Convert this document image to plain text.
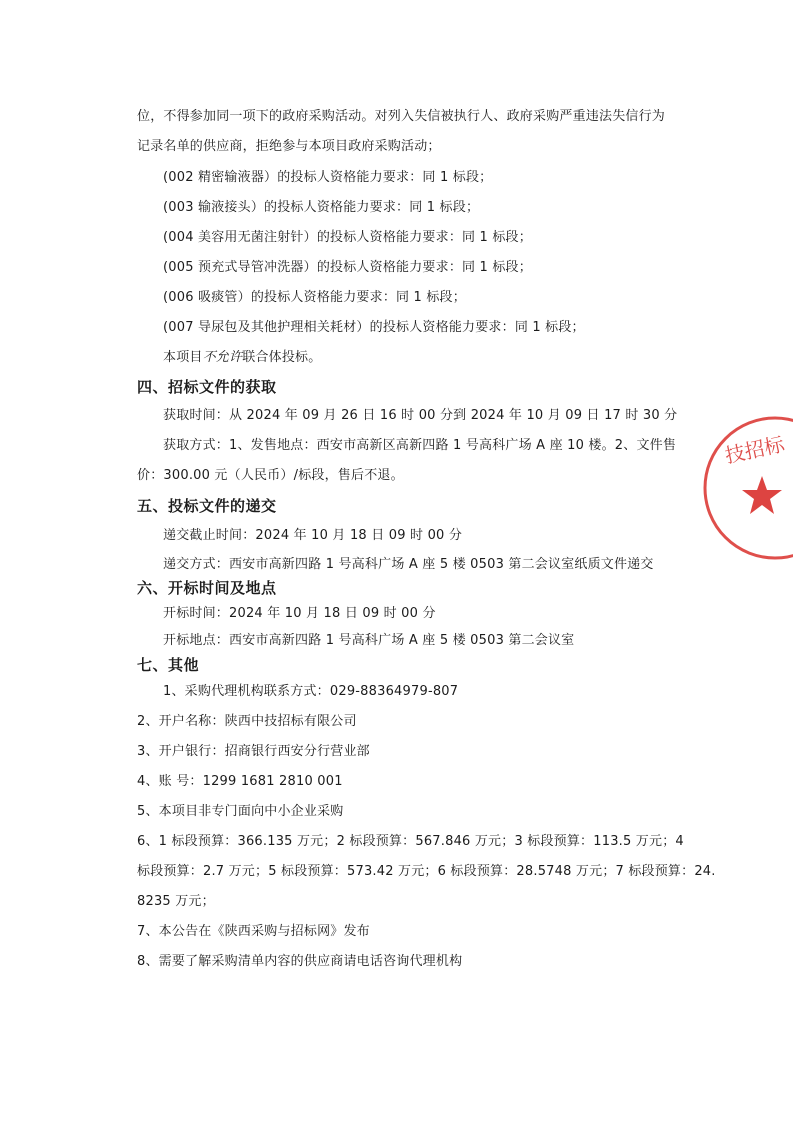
位，不得参加同一项下的政府采购活动。对列入失信被执行人、政府采购严重违法失信行为
记录名单的供应商，拒绝参与本项目政府采购活动；
(002 精密输液器）的投标人资格能力要求：同 1 标段；
(003 输液接头）的投标人资格能力要求：同 1 标段；
(004 美容用无菌注射针）的投标人资格能力要求：同 1 标段；
(005 预充式导管冲洗器）的投标人资格能力要求：同 1 标段；
(006 吸痰管）的投标人资格能力要求：同 1 标段；
(007 导尿包及其他护理相关耗材）的投标人资格能力要求：同 1 标段；
本项目不允许联合体投标。
四、招标文件的获取
获取时间：从 2024 年 09 月 26 日 16 时 00 分到 2024 年 10 月 09 日 17 时 30 分
获取方式：1、发售地点：西安市高新区高新四路 1 号高科广场 A 座 10 楼。2、文件售
价：300.00 元（人民币）/标段，售后不退。
五、投标文件的递交
递交截止时间：2024 年 10 月 18 日 09 时 00 分
递交方式：西安市高新四路 1 号高科广场 A 座 5 楼 0503 第二会议室纸质文件递交
六、开标时间及地点
开标时间：2024 年 10 月 18 日 09 时 00 分
开标地点：西安市高新四路 1 号高科广场 A 座 5 楼 0503 第二会议室
七、其他
1、采购代理机构联系方式：029-88364979-807
2、开户名称：陕西中技招标有限公司
3、开户银行：招商银行西安分行营业部
4、账 号：1299 1681 2810 001
5、本项目非专门面向中小企业采购
6、1 标段预算：366.135 万元；2 标段预算：567.846 万元；3 标段预算：113.5 万元；4
标段预算：2.7 万元；5 标段预算：573.42 万元；6 标段预算：28.5748 万元；7 标段预算：24.
8235 万元；
7、本公告在《陕西采购与招标网》发布
8、需要了解采购清单内容的供应商请电话咨询代理机构
技招标
